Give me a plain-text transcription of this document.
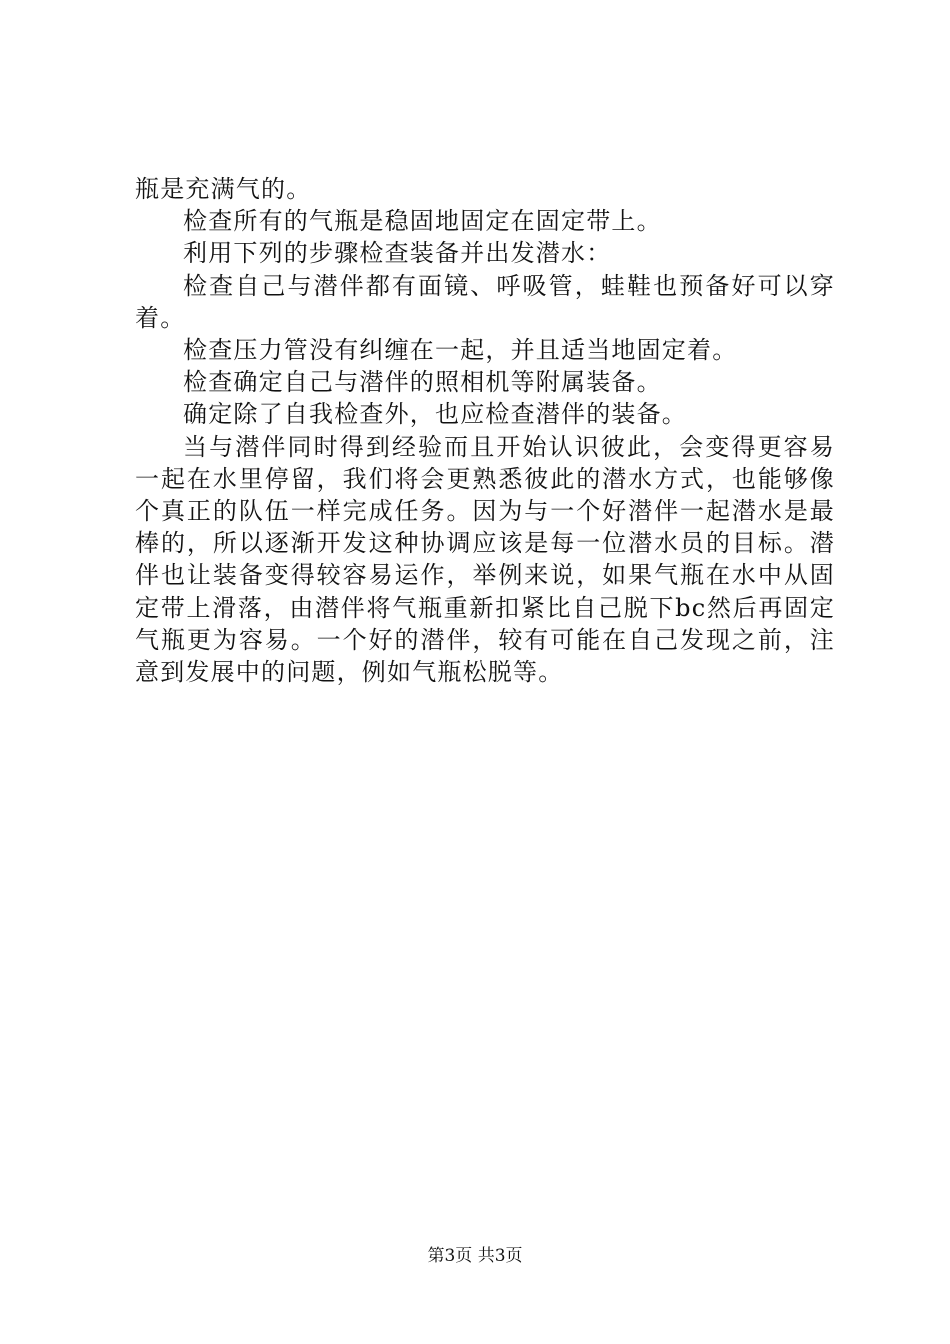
瓶是充满气的。

检查所有的气瓶是稳固地固定在固定带上。

利用下列的步骤检查装备并出发潜水：

检查自己与潜伴都有面镜、呼吸管，蛙鞋也预备好可以穿着。

检查压力管没有纠缠在一起，并且适当地固定着。

检查确定自己与潜伴的照相机等附属装备。

确定除了自我检查外，也应检查潜伴的装备。

当与潜伴同时得到经验而且开始认识彼此，会变得更容易一起在水里停留，我们将会更熟悉彼此的潜水方式，也能够像个真正的队伍一样完成任务。因为与一个好潜伴一起潜水是最棒的，所以逐渐开发这种协调应该是每一位潜水员的目标。潜伴也让装备变得较容易运作，举例来说，如果气瓶在水中从固定带上滑落，由潜伴将气瓶重新扣紧比自己脱下bc然后再固定气瓶更为容易。一个好的潜伴，较有可能在自己发现之前，注意到发展中的问题，例如气瓶松脱等。

第3页 共3页
